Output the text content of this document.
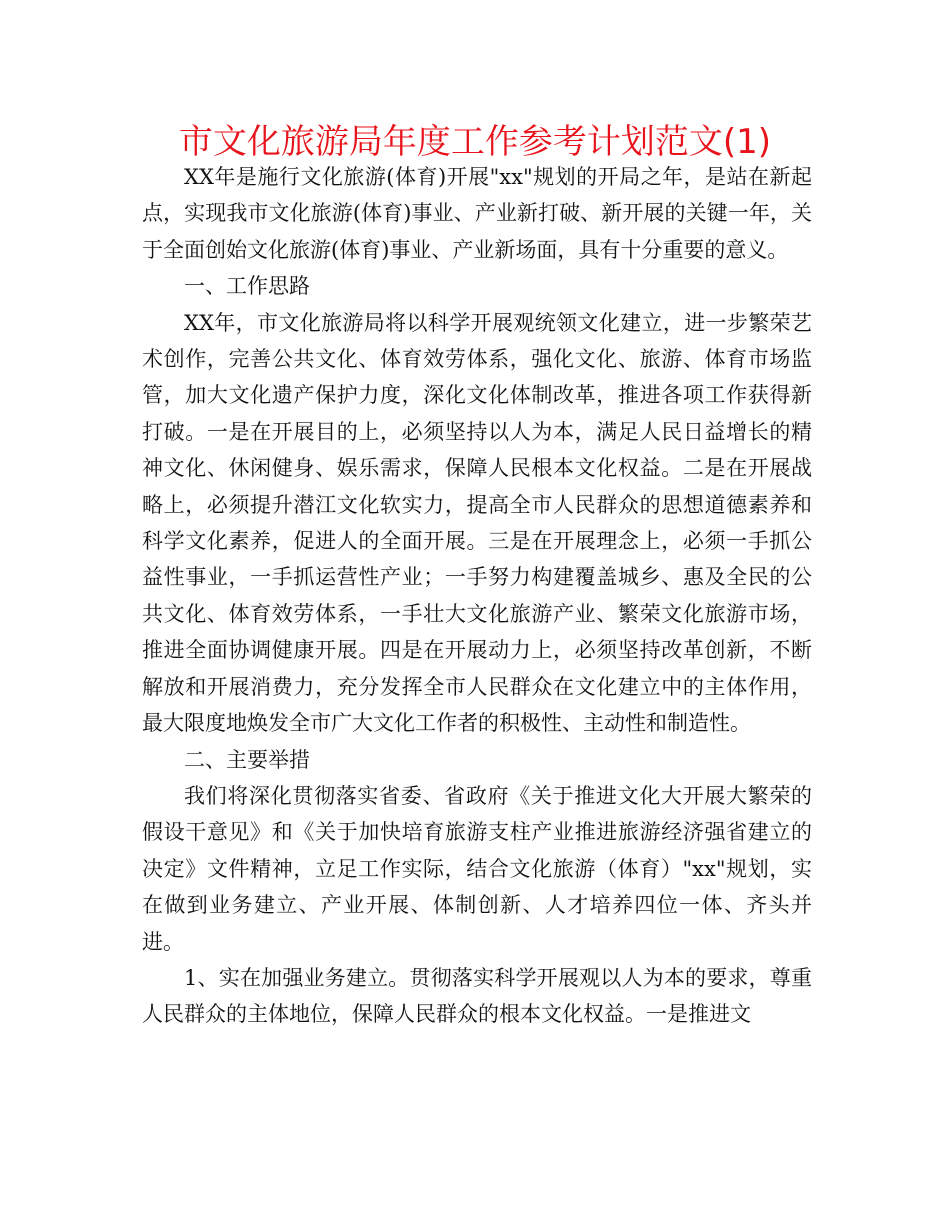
市文化旅游局年度工作参考计划范文(1)

XX年是施行文化旅游(体育)开展"xx"规划的开局之年，是站在新起点，实现我市文化旅游(体育)事业、产业新打破、新开展的关键一年，关于全面创始文化旅游(体育)事业、产业新场面，具有十分重要的意义。

一、工作思路

XX年，市文化旅游局将以科学开展观统领文化建立，进一步繁荣艺术创作，完善公共文化、体育效劳体系，强化文化、旅游、体育市场监管，加大文化遗产保护力度，深化文化体制改革，推进各项工作获得新打破。一是在开展目的上，必须坚持以人为本，满足人民日益增长的精神文化、休闲健身、娱乐需求，保障人民根本文化权益。二是在开展战略上，必须提升潜江文化软实力，提高全市人民群众的思想道德素养和科学文化素养，促进人的全面开展。三是在开展理念上，必须一手抓公益性事业，一手抓运营性产业；一手努力构建覆盖城乡、惠及全民的公共文化、体育效劳体系，一手壮大文化旅游产业、繁荣文化旅游市场，推进全面协调健康开展。四是在开展动力上，必须坚持改革创新，不断解放和开展消费力，充分发挥全市人民群众在文化建立中的主体作用，最大限度地焕发全市广大文化工作者的积极性、主动性和制造性。

二、主要举措

我们将深化贯彻落实省委、省政府《关于推进文化大开展大繁荣的假设干意见》和《关于加快培育旅游支柱产业推进旅游经济强省建立的决定》文件精神，立足工作实际，结合文化旅游（体育）"xx"规划，实在做到业务建立、产业开展、体制创新、人才培养四位一体、齐头并进。

1、实在加强业务建立。贯彻落实科学开展观以人为本的要求，尊重人民群众的主体地位，保障人民群众的根本文化权益。一是推进文
